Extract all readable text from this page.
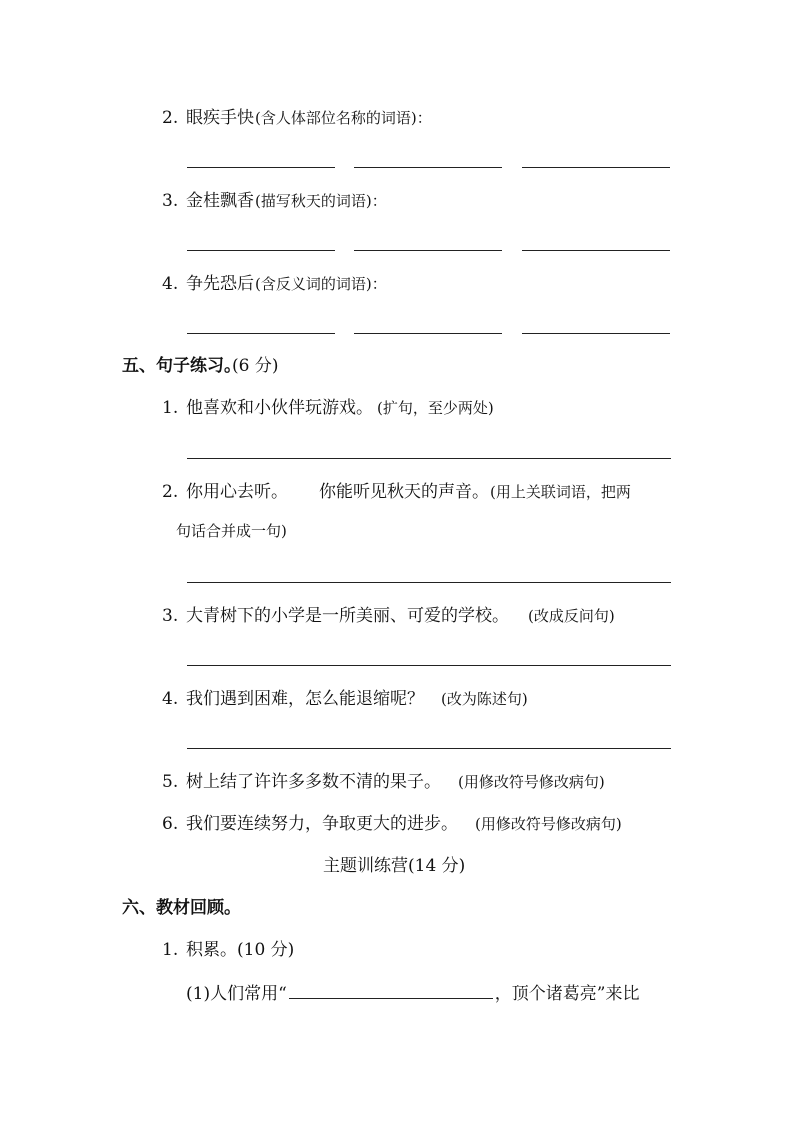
2. 眼疾手快 (含人体部位名称的词语)：
3. 金桂飘香 (描写秋天的词语)：
4. 争先恐后 (含反义词的词语)：
五、句子练习。
(6 分)
1. 他喜欢和小伙伴玩游戏。 (扩句，至少两处)
2. 你用心去听。 你能听见秋天的声音。 (用上关联词语，把两
句话合并成一句)
3. 大青树下的小学是一所美丽、可爱的学校。 (改成反问句)
4. 我们遇到困难，怎么能退缩呢？ (改为陈述句)
5. 树上结了许许多多数不清的果子。 (用修改符号修改病句)
6. 我们要连续努力，争取更大的进步。 (用修改符号修改病句)
主题训练营(14 分)
六、教材回顾。
1. 积累。(10 分)
(1)人们常用“	，顶个诸葛亮”来比
